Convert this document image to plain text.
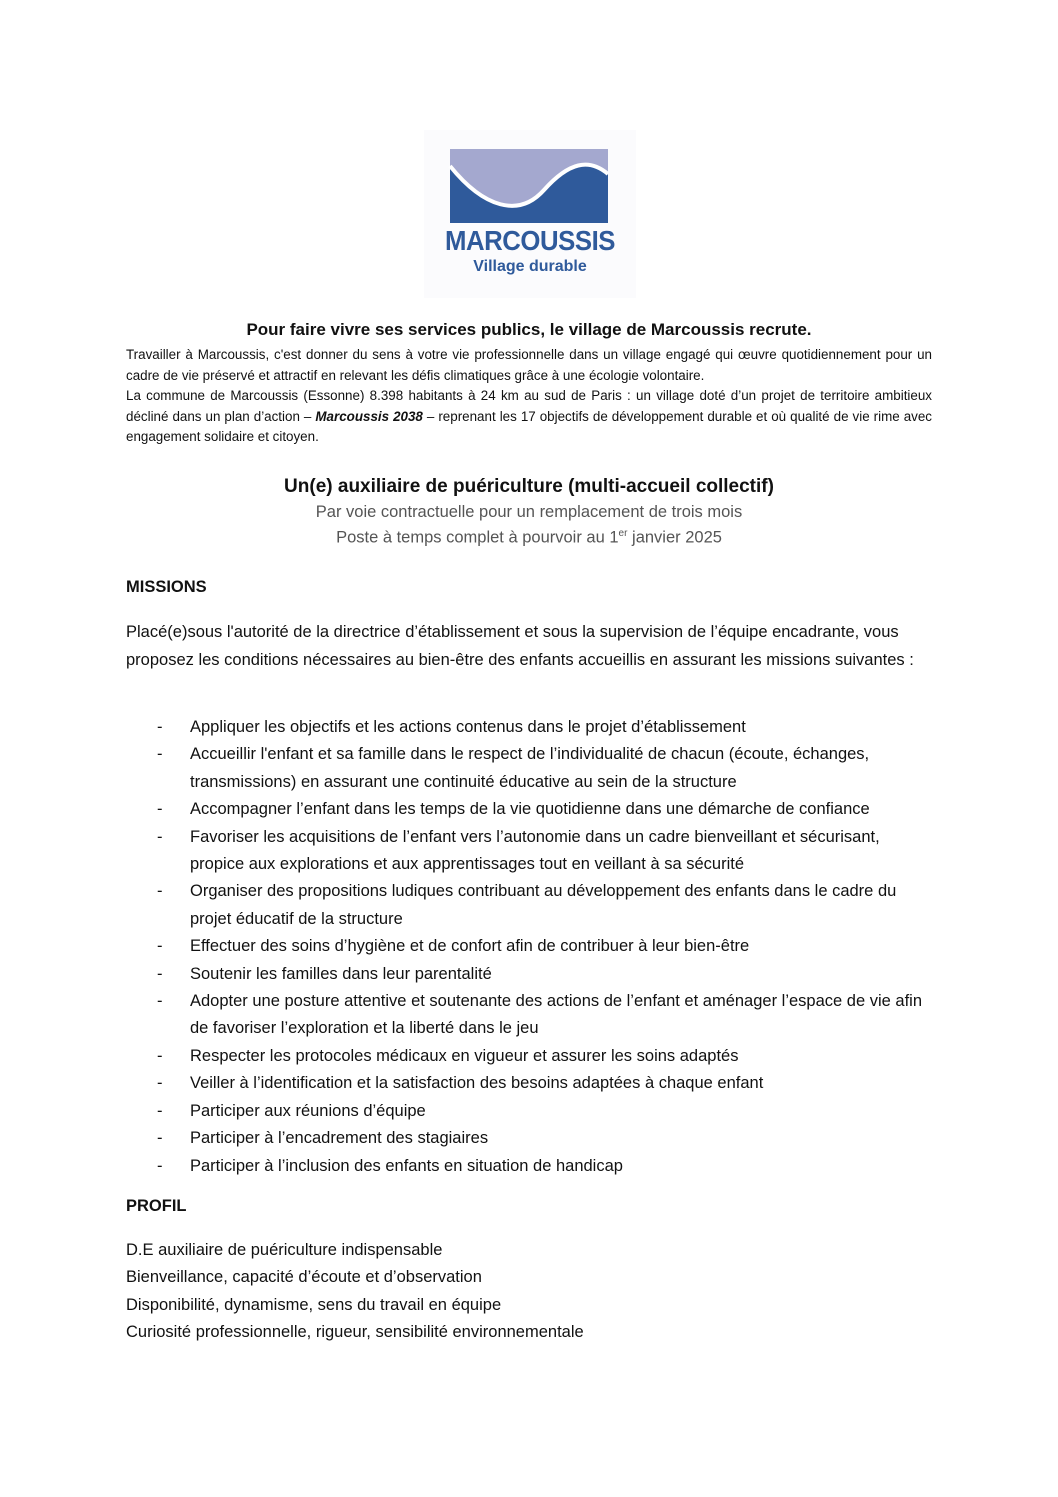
MARCOUSSIS
Village durable
Pour faire vivre ses services publics, le village de Marcoussis recrute.

Travailler à Marcoussis, c'est donner du sens à votre vie professionnelle dans un village engagé qui œuvre quotidiennement pour un cadre de vie préservé et attractif en relevant les défis climatiques grâce à une écologie volontaire.

La commune de Marcoussis (Essonne) 8.398 habitants à 24 km au sud de Paris : un village doté d’un projet de territoire ambitieux décliné dans un plan d’action – Marcoussis 2038 – reprenant les 17 objectifs de développement durable et où qualité de vie rime avec engagement solidaire et citoyen.

Un(e) auxiliaire de puériculture (multi-accueil collectif)
Par voie contractuelle pour un remplacement de trois mois
Poste à temps complet à pourvoir au 1er janvier 2025
MISSIONS
Placé(e)sous l'autorité de la directrice d’établissement et sous la supervision de l’équipe encadrante, vous proposez les conditions nécessaires au bien-être des enfants accueillis en assurant les missions suivantes :
- Appliquer les objectifs et les actions contenus dans le projet d’établissement
- Accueillir l'enfant et sa famille dans le respect de l’individualité de chacun (écoute, échanges, transmissions) en assurant une continuité éducative au sein de la structure
- Accompagner l’enfant dans les temps de la vie quotidienne dans une démarche de confiance
- Favoriser les acquisitions de l’enfant vers l’autonomie dans un cadre bienveillant et sécurisant, propice aux explorations et aux apprentissages tout en veillant à sa sécurité
- Organiser des propositions ludiques contribuant au développement des enfants dans le cadre du projet éducatif de la structure
- Effectuer des soins d’hygiène et de confort afin de contribuer à leur bien-être
- Soutenir les familles dans leur parentalité
- Adopter une posture attentive et soutenante des actions de l’enfant et aménager l’espace de vie afin de favoriser l’exploration et la liberté dans le jeu
- Respecter les protocoles médicaux en vigueur et assurer les soins adaptés
- Veiller à l’identification et la satisfaction des besoins adaptées à chaque enfant
- Participer aux réunions d’équipe
- Participer à l’encadrement des stagiaires
- Participer à l’inclusion des enfants en situation de handicap
PROFIL
D.E auxiliaire de puériculture indispensable
Bienveillance, capacité d’écoute et d’observation
Disponibilité, dynamisme, sens du travail en équipe
Curiosité professionnelle, rigueur, sensibilité environnementale
